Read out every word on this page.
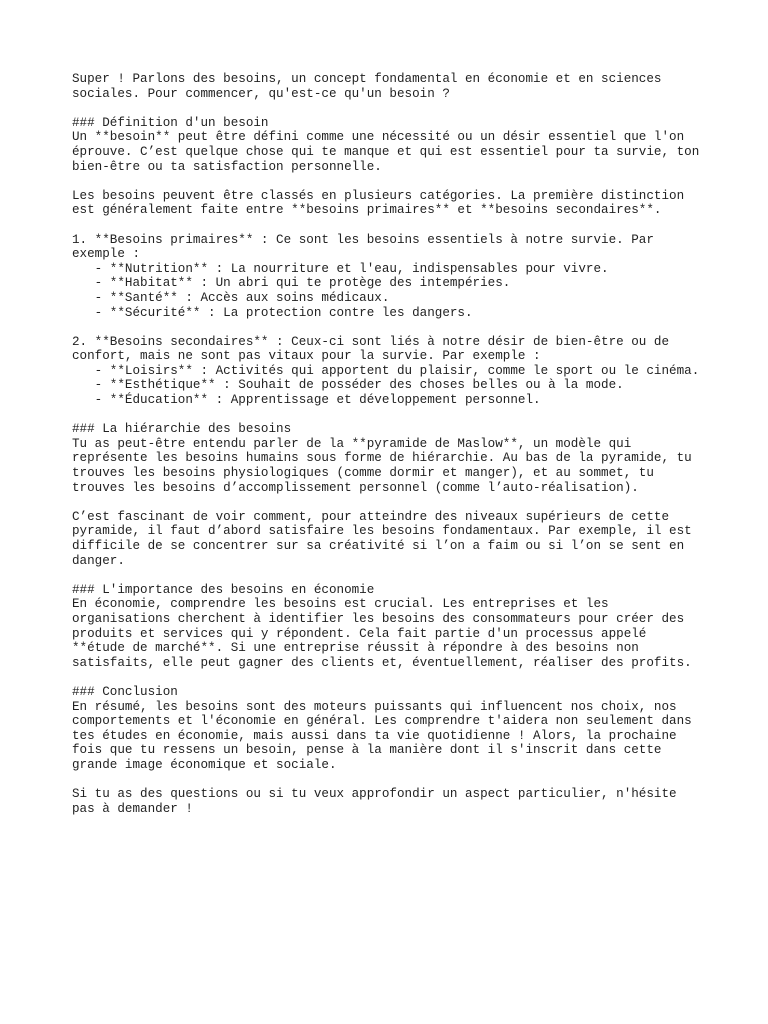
Super ! Parlons des besoins, un concept fondamental en économie et en sciences
sociales. Pour commencer, qu'est-ce qu'un besoin ?
### Définition d'un besoin
Un **besoin** peut être défini comme une nécessité ou un désir essentiel que l'on
éprouve. C’est quelque chose qui te manque et qui est essentiel pour ta survie, ton
bien-être ou ta satisfaction personnelle.
Les besoins peuvent être classés en plusieurs catégories. La première distinction
est généralement faite entre **besoins primaires** et **besoins secondaires**.
1. **Besoins primaires** : Ce sont les besoins essentiels à notre survie. Par
exemple :
- **Nutrition** : La nourriture et l'eau, indispensables pour vivre.
- **Habitat** : Un abri qui te protège des intempéries.
- **Santé** : Accès aux soins médicaux.
- **Sécurité** : La protection contre les dangers.
2. **Besoins secondaires** : Ceux-ci sont liés à notre désir de bien-être ou de
confort, mais ne sont pas vitaux pour la survie. Par exemple :
- **Loisirs** : Activités qui apportent du plaisir, comme le sport ou le cinéma.
- **Esthétique** : Souhait de posséder des choses belles ou à la mode.
- **Éducation** : Apprentissage et développement personnel.
### La hiérarchie des besoins
Tu as peut-être entendu parler de la **pyramide de Maslow**, un modèle qui
représente les besoins humains sous forme de hiérarchie. Au bas de la pyramide, tu
trouves les besoins physiologiques (comme dormir et manger), et au sommet, tu
trouves les besoins d’accomplissement personnel (comme l’auto-réalisation).
C’est fascinant de voir comment, pour atteindre des niveaux supérieurs de cette
pyramide, il faut d’abord satisfaire les besoins fondamentaux. Par exemple, il est
difficile de se concentrer sur sa créativité si l’on a faim ou si l’on se sent en
danger.
### L'importance des besoins en économie
En économie, comprendre les besoins est crucial. Les entreprises et les
organisations cherchent à identifier les besoins des consommateurs pour créer des
produits et services qui y répondent. Cela fait partie d'un processus appelé
**étude de marché**. Si une entreprise réussit à répondre à des besoins non
satisfaits, elle peut gagner des clients et, éventuellement, réaliser des profits.
### Conclusion
En résumé, les besoins sont des moteurs puissants qui influencent nos choix, nos
comportements et l'économie en général. Les comprendre t'aidera non seulement dans
tes études en économie, mais aussi dans ta vie quotidienne ! Alors, la prochaine
fois que tu ressens un besoin, pense à la manière dont il s'inscrit dans cette
grande image économique et sociale.
Si tu as des questions ou si tu veux approfondir un aspect particulier, n'hésite
pas à demander !
